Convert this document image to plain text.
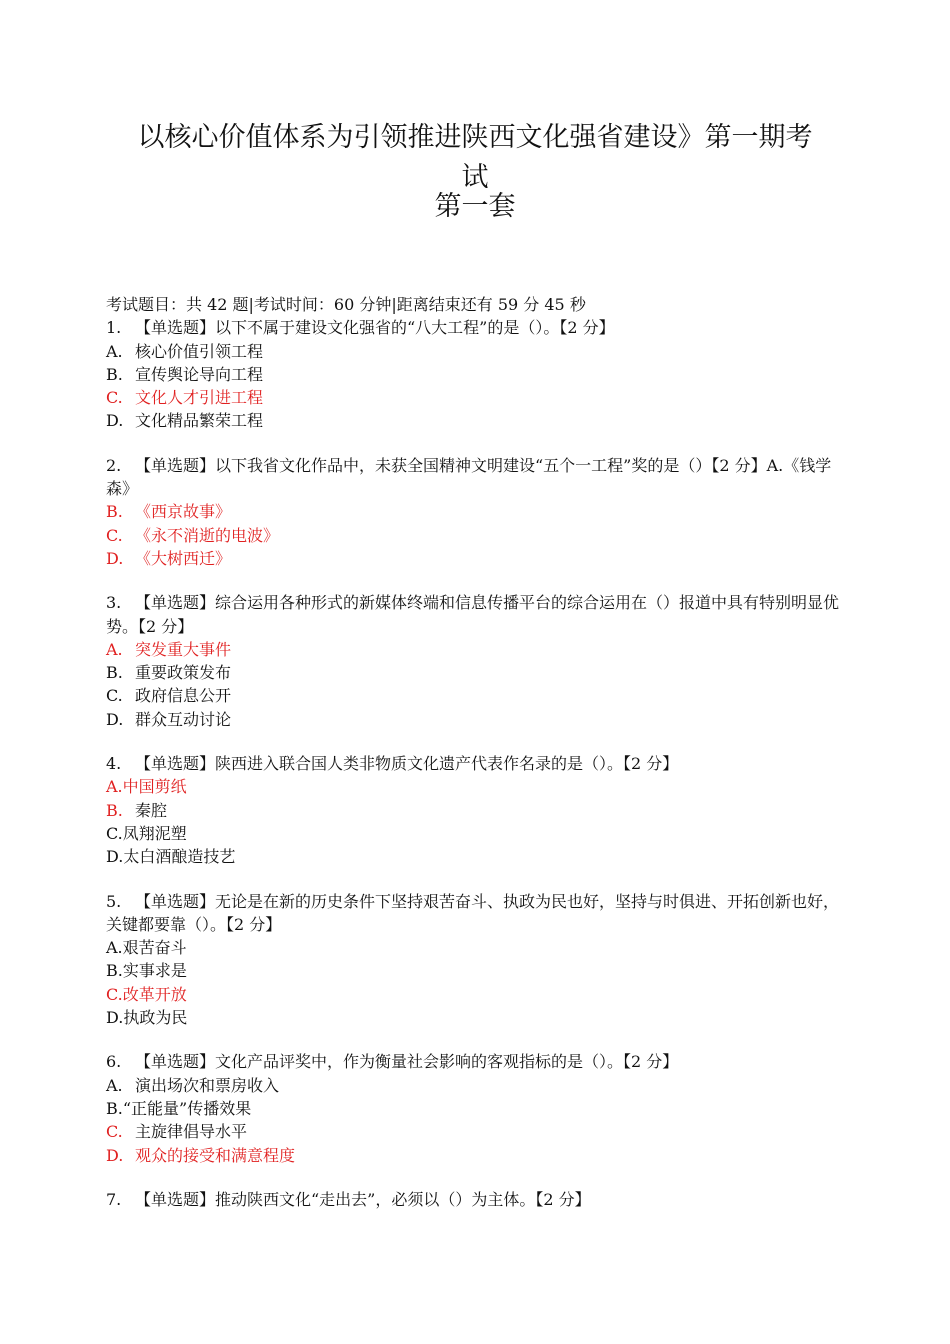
以核心价值体系为引领推进陕西文化强省建设》第一期考
试
第一套
考试题目：共 42 题|考试时间：60 分钟|距离结束还有 59 分 45 秒
1. 【单选题】以下不属于建设文化强省的“八大工程”的是（）。【2 分】
A. 核心价值引领工程
B. 宣传舆论导向工程
C. 文化人才引进工程
D. 文化精品繁荣工程
2. 【单选题】以下我省文化作品中，未获全国精神文明建设“五个一工程”奖的是（）【2 分】A.《钱学森》
B. 《西京故事》
C. 《永不消逝的电波》
D. 《大树西迁》
3. 【单选题】综合运用各种形式的新媒体终端和信息传播平台的综合运用在（）报道中具有特别明显优势。【2 分】
A. 突发重大事件
B. 重要政策发布
C. 政府信息公开
D. 群众互动讨论
4. 【单选题】陕西进入联合国人类非物质文化遗产代表作名录的是（）。【2 分】
A.中国剪纸
B. 秦腔
C.凤翔泥塑
D.太白酒酿造技艺
5. 【单选题】无论是在新的历史条件下坚持艰苦奋斗、执政为民也好，坚持与时俱进、开拓创新也好，关键都要靠（）。【2 分】
A.艰苦奋斗
B.实事求是
C.改革开放
D.执政为民
6. 【单选题】文化产品评奖中，作为衡量社会影响的客观指标的是（）。【2 分】
A. 演出场次和票房收入
B.“正能量”传播效果
C. 主旋律倡导水平
D. 观众的接受和满意程度
7. 【单选题】推动陕西文化“走出去”，必须以（）为主体。【2 分】
